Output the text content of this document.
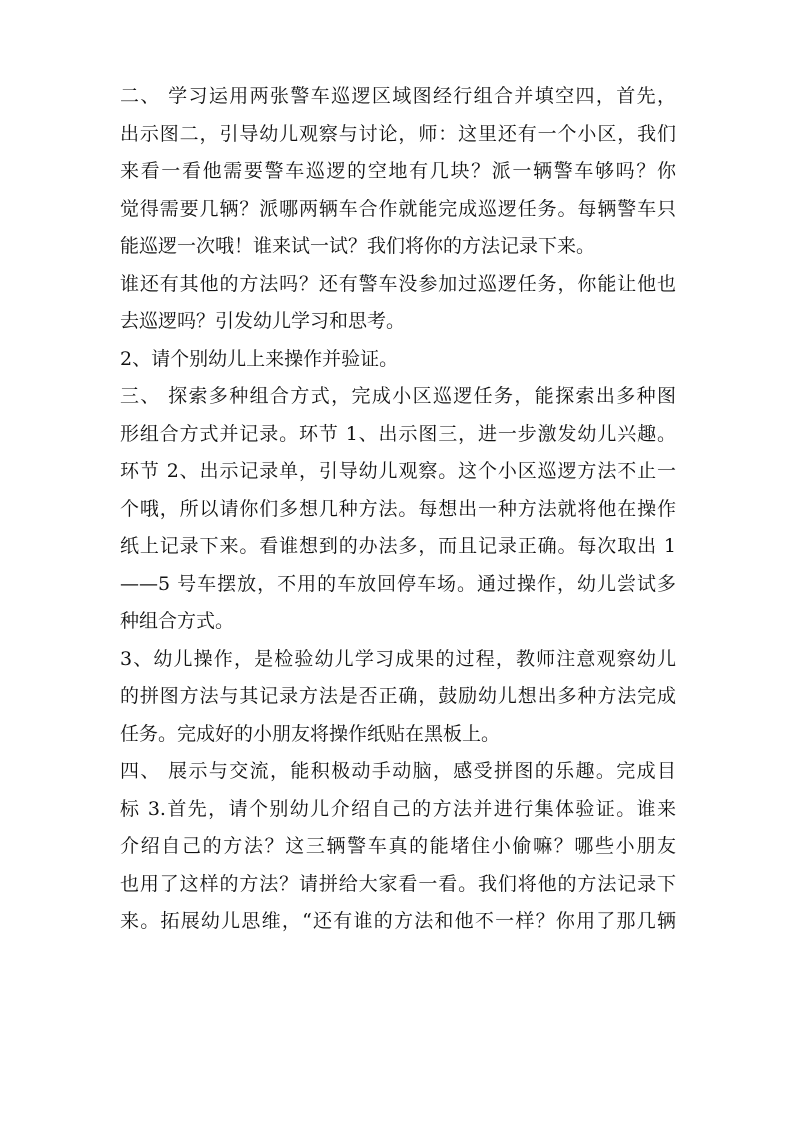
二、 学习运用两张警车巡逻区域图经行组合并填空四，首先，
出示图二，引导幼儿观察与讨论，师：这里还有一个小区，我们
来看一看他需要警车巡逻的空地有几块？派一辆警车够吗？你
觉得需要几辆？派哪两辆车合作就能完成巡逻任务。每辆警车只
能巡逻一次哦！谁来试一试？我们将你的方法记录下来。
谁还有其他的方法吗？还有警车没参加过巡逻任务，你能让他也
去巡逻吗？引发幼儿学习和思考。
2、请个别幼儿上来操作并验证。
三、 探索多种组合方式，完成小区巡逻任务，能探索出多种图
形组合方式并记录。环节 1、出示图三，进一步激发幼儿兴趣。
环节 2、出示记录单，引导幼儿观察。这个小区巡逻方法不止一
个哦，所以请你们多想几种方法。每想出一种方法就将他在操作
纸上记录下来。看谁想到的办法多，而且记录正确。每次取出 1
——5 号车摆放，不用的车放回停车场。通过操作，幼儿尝试多
种组合方式。
3、幼儿操作，是检验幼儿学习成果的过程，教师注意观察幼儿
的拼图方法与其记录方法是否正确，鼓励幼儿想出多种方法完成
任务。完成好的小朋友将操作纸贴在黑板上。
四、 展示与交流，能积极动手动脑，感受拼图的乐趣。完成目
标 3.首先，请个别幼儿介绍自己的方法并进行集体验证。谁来
介绍自己的方法？这三辆警车真的能堵住小偷嘛？哪些小朋友
也用了这样的方法？请拼给大家看一看。我们将他的方法记录下
来。拓展幼儿思维，“还有谁的方法和他不一样？你用了那几辆
